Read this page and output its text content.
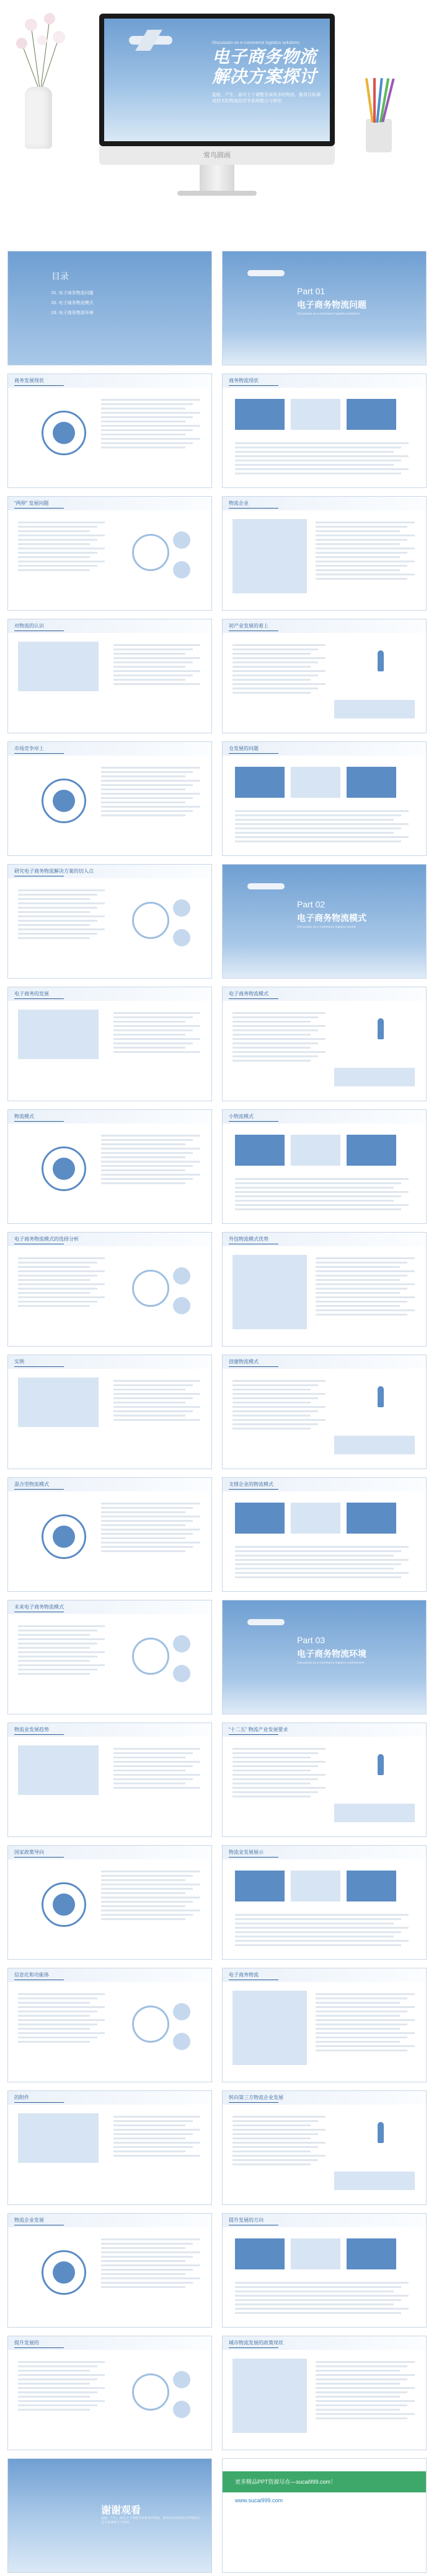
Discussion on e-commerce logistics solutions
电子商务物流
解决方案探讨
起航，产生，面对上个调整至该将多的物流。服务目标调成技术的物流信息学系统整合与规划
常鸟圆画
目录
01. 电子商务物流问题
02. 电子商务物流模式
03. 电子商务物流环境
Part 01
电子商务物流问题
Discussion on e-commerce logistics problems
商务发展现状	商务物流现状
“两停” 发展问题	物流企业
对物流的认识	初产业发展的着上
市场竞争岸上	仓发展的问题
研究电子商务物流解决方案的切入点
Part 02
电子商务物流模式
Discussion on e-commerce logistics model
电子商务的发展	电子商务物流模式
物流模式	小物流模式
电子商务物流模式的选择分析	外包物流模式优势
实例	创建物流模式
混合型物流模式	支撑企业的物流模式
未来电子商务物流模式
Part 03
电子商务物流环境
Discussion on e-commerce logistics environment
物流业发展趋势	“十二五” 物流产业发展要求
国家政策导向	物流业发展展示
信息化和功能体	电子商务物流
的附件	转向第三方物流企业发展
物流企业发展	提升发展的方向
提升发展的	城市物流发展的政策现状
谢谢观看
起航，产生，面对上个调整至该将多的物流。服务目标调成技术的物流信息学系统整合与规划
更多精品PPT资源尽在—sucai999.com！
www.sucai999.com
